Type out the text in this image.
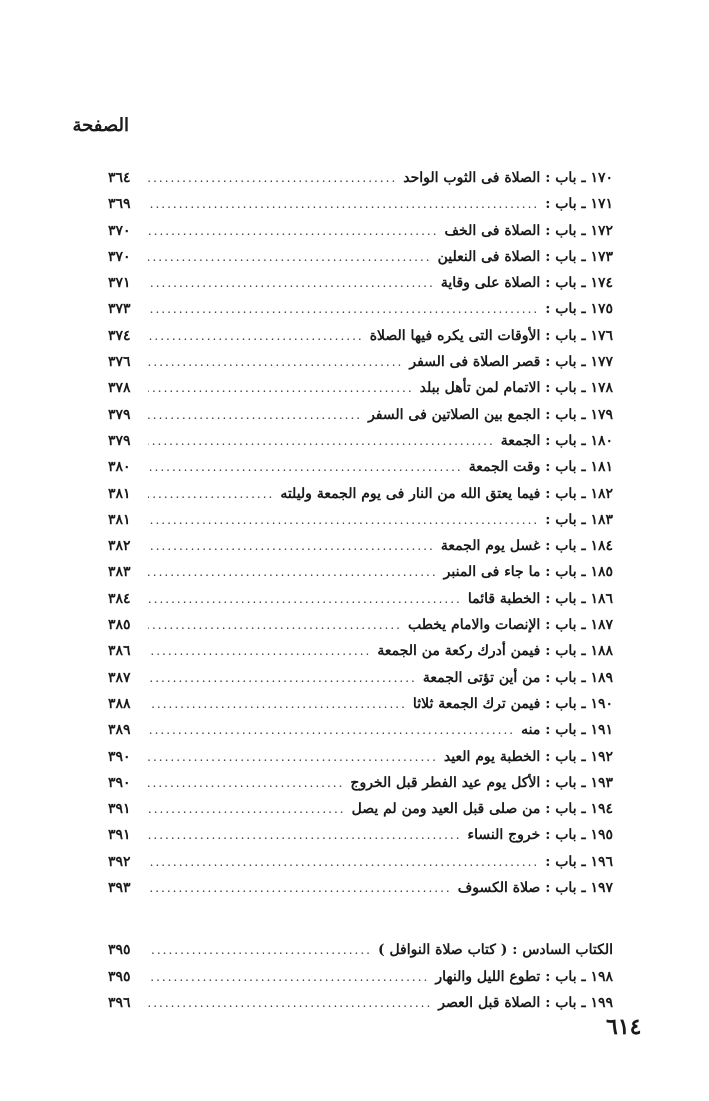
الصفحة
١٧٠ ـ باب : الصلاة فى الثوب الواحد
.....
٣٦٤
١٧١ ـ باب :
.....
٣٦٩
١٧٢ ـ باب : الصلاة فى الخف
.....
٣٧٠
١٧٣ ـ باب : الصلاة فى النعلين
.....
٣٧٠
١٧٤ ـ باب : الصلاة على وقاية
.....
٣٧١
١٧٥ ـ باب :
.....
٣٧٣
١٧٦ ـ باب : الأوقات التى يكره فيها الصلاة
.....
٣٧٤
١٧٧ ـ باب : قصر الصلاة فى السفر
.....
٣٧٦
١٧٨ ـ باب : الاتمام لمن تأهل ببلد
.....
٣٧٨
١٧٩ ـ باب : الجمع بين الصلاتين فى السفر
.....
٣٧٩
١٨٠ ـ باب : الجمعة
.....
٣٧٩
١٨١ ـ باب : وقت الجمعة
.....
٣٨٠
١٨٢ ـ باب : فيما يعتق الله من النار فى يوم الجمعة وليلته
.....
٣٨١
١٨٣ ـ باب :
.....
٣٨١
١٨٤ ـ باب : غسل يوم الجمعة
.....
٣٨٢
١٨٥ ـ باب : ما جاء فى المنبر
.....
٣٨٣
١٨٦ ـ باب : الخطبة قائما
.....
٣٨٤
١٨٧ ـ باب : الإنصات والامام يخطب
.....
٣٨٥
١٨٨ ـ باب : فيمن أدرك ركعة من الجمعة
.....
٣٨٦
١٨٩ ـ باب : من أين تؤتى الجمعة
.....
٣٨٧
١٩٠ ـ باب : فيمن ترك الجمعة ثلاثا
.....
٣٨٨
١٩١ ـ باب : منه
.....
٣٨٩
١٩٢ ـ باب : الخطبة يوم العيد
.....
٣٩٠
١٩٣ ـ باب : الأكل يوم عيد الفطر قبل الخروج
.....
٣٩٠
١٩٤ ـ باب : من صلى قبل العيد ومن لم يصل
.....
٣٩١
١٩٥ ـ باب : خروج النساء
.....
٣٩١
١٩٦ ـ باب :
.....
٣٩٢
١٩٧ ـ باب : صلاة الكسوف
.....
٣٩٣
الكتاب السادس : ( كتاب صلاة النوافل )
.....
٣٩٥
١٩٨ ـ باب : تطوع الليل والنهار
.....
٣٩٥
١٩٩ ـ باب : الصلاة قبل العصر
.....
٣٩٦
٦١٤
